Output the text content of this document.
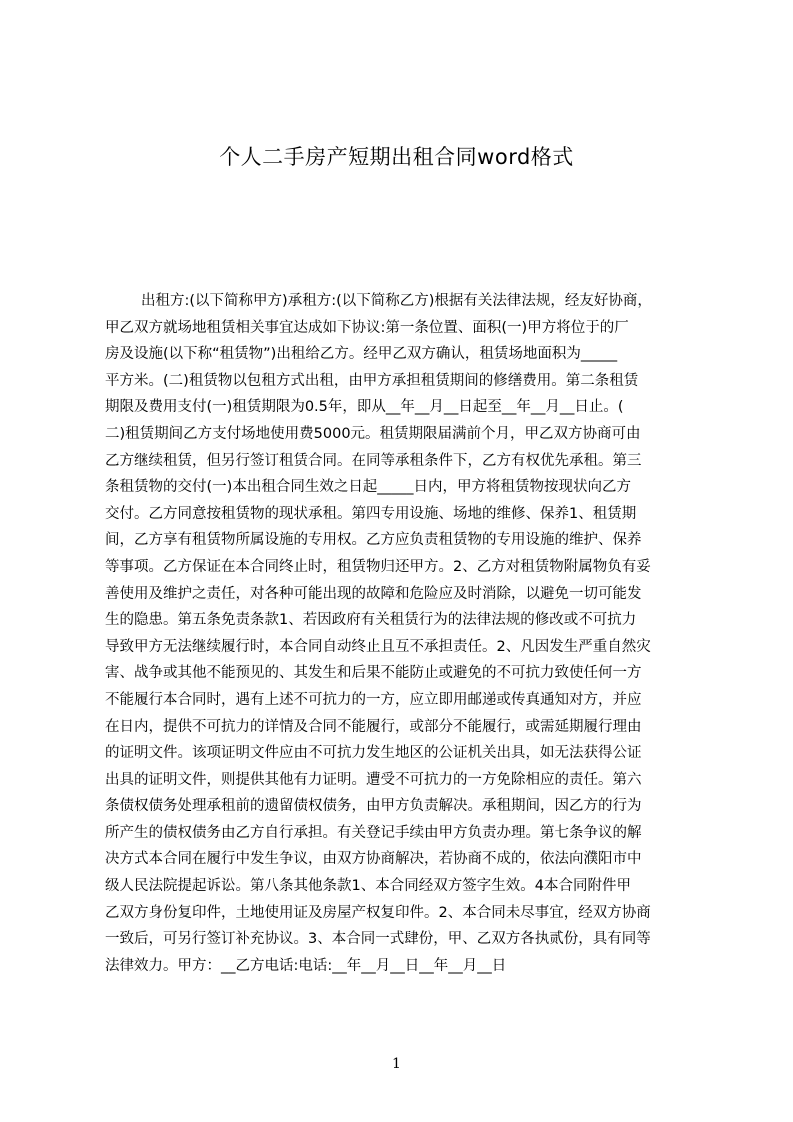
个人二手房产短期出租合同word格式
出租方:(以下简称甲方)承租方:(以下简称乙方)根据有关法律法规，经友好协商，
甲乙双方就场地租赁相关事宜达成如下协议:第一条位置、面积(一)甲方将位于的厂
房及设施(以下称“租赁物”)出租给乙方。经甲乙双方确认，租赁场地面积为_____
平方米。(二)租赁物以包租方式出租，由甲方承担租赁期间的修缮费用。第二条租赁
期限及费用支付(一)租赁期限为0.5年，即从__年__月__日起至__年__月__日止。(
二)租赁期间乙方支付场地使用费5000元。租赁期限届满前个月，甲乙双方协商可由
乙方继续租赁，但另行签订租赁合同。在同等承租条件下，乙方有权优先承租。第三
条租赁物的交付(一)本出租合同生效之日起_____日内，甲方将租赁物按现状向乙方
交付。乙方同意按租赁物的现状承租。第四专用设施、场地的维修、保养1、租赁期
间，乙方享有租赁物所属设施的专用权。乙方应负责租赁物的专用设施的维护、保养
等事项。乙方保证在本合同终止时，租赁物归还甲方。2、乙方对租赁物附属物负有妥
善使用及维护之责任，对各种可能出现的故障和危险应及时消除，以避免一切可能发
生的隐患。第五条免责条款1、若因政府有关租赁行为的法律法规的修改或不可抗力
导致甲方无法继续履行时，本合同自动终止且互不承担责任。2、凡因发生严重自然灾
害、战争或其他不能预见的、其发生和后果不能防止或避免的不可抗力致使任何一方
不能履行本合同时，遇有上述不可抗力的一方，应立即用邮递或传真通知对方，并应
在日内，提供不可抗力的详情及合同不能履行，或部分不能履行，或需延期履行理由
的证明文件。该项证明文件应由不可抗力发生地区的公证机关出具，如无法获得公证
出具的证明文件，则提供其他有力证明。遭受不可抗力的一方免除相应的责任。第六
条债权债务处理承租前的遗留债权债务，由甲方负责解决。承租期间，因乙方的行为
所产生的债权债务由乙方自行承担。有关登记手续由甲方负责办理。第七条争议的解
决方式本合同在履行中发生争议，由双方协商解决，若协商不成的，依法向濮阳市中
级人民法院提起诉讼。第八条其他条款1、本合同经双方签字生效。4本合同附件甲
乙双方身份复印件，土地使用证及房屋产权复印件。2、本合同未尽事宜，经双方协商
一致后，可另行签订补充协议。3、本合同一式肆份，甲、乙双方各执贰份，具有同等
法律效力。甲方：__乙方电话:电话:__年__月__日__年__月__日
1
